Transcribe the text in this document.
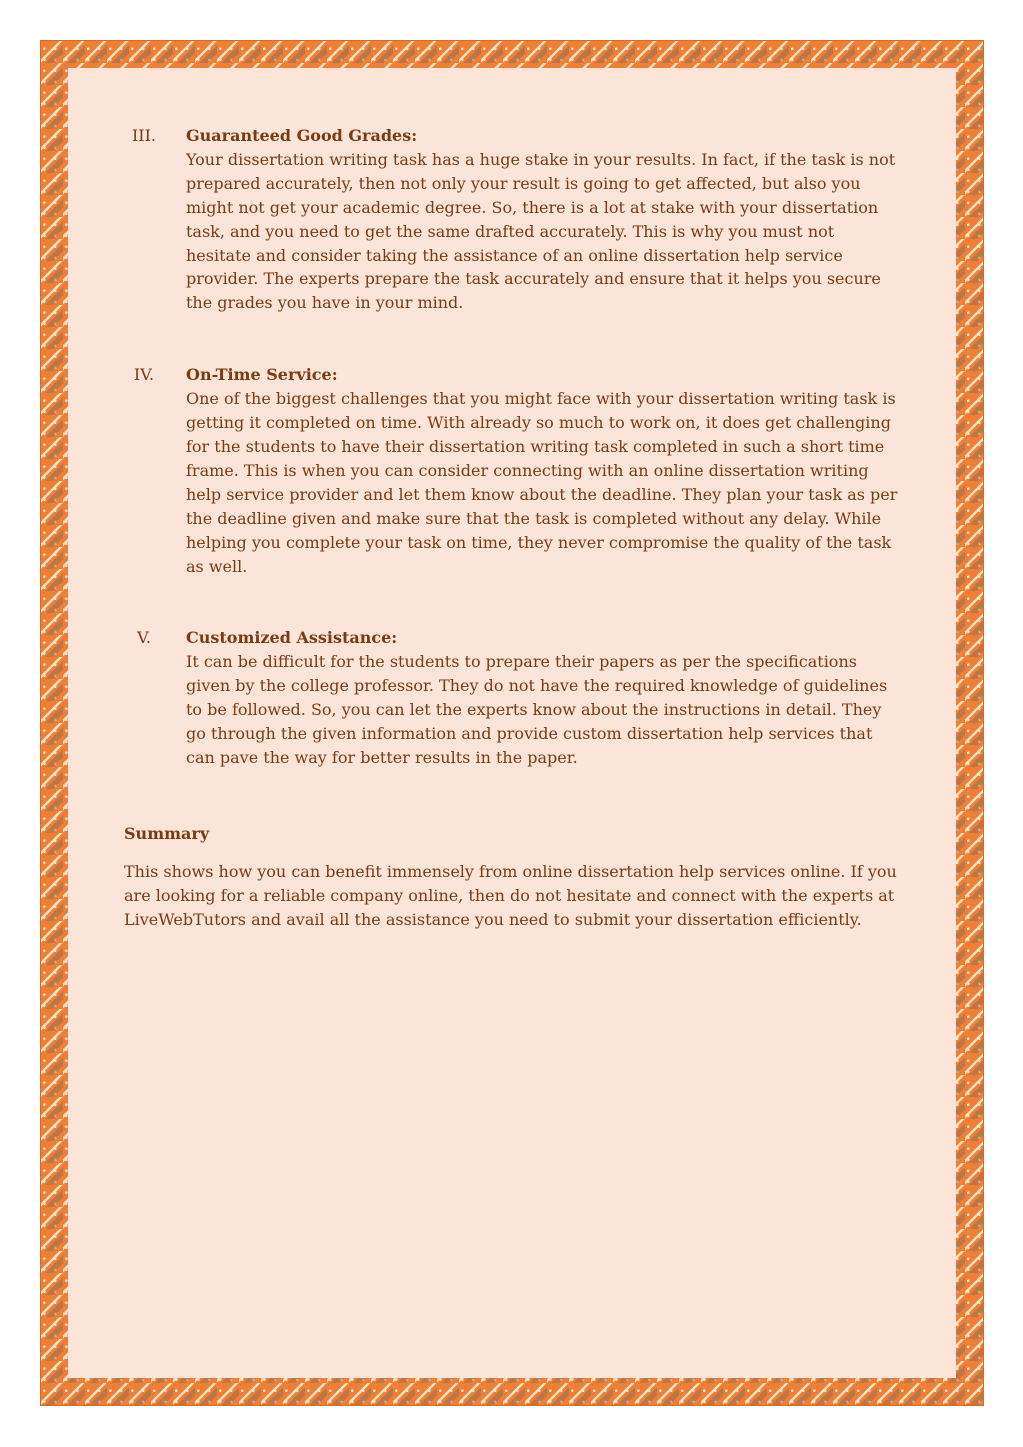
III.	Guaranteed Good Grades:
Your dissertation writing task has a huge stake in your results. In fact, if the task is not prepared accurately, then not only your result is going to get affected, but also you might not get your academic degree. So, there is a lot at stake with your dissertation task, and you need to get the same drafted accurately. This is why you must not hesitate and consider taking the assistance of an online dissertation help service provider. The experts prepare the task accurately and ensure that it helps you secure the grades you have in your mind.
IV.	On-Time Service:
One of the biggest challenges that you might face with your dissertation writing task is getting it completed on time. With already so much to work on, it does get challenging for the students to have their dissertation writing task completed in such a short time frame. This is when you can consider connecting with an online dissertation writing help service provider and let them know about the deadline. They plan your task as per the deadline given and make sure that the task is completed without any delay. While helping you complete your task on time, they never compromise the quality of the task as well.
V.	Customized Assistance:
It can be difficult for the students to prepare their papers as per the specifications given by the college professor. They do not have the required knowledge of guidelines to be followed. So, you can let the experts know about the instructions in detail. They go through the given information and provide custom dissertation help services that can pave the way for better results in the paper.
Summary
This shows how you can benefit immensely from online dissertation help services online. If you are looking for a reliable company online, then do not hesitate and connect with the experts at LiveWebTutors and avail all the assistance you need to submit your dissertation efficiently.
